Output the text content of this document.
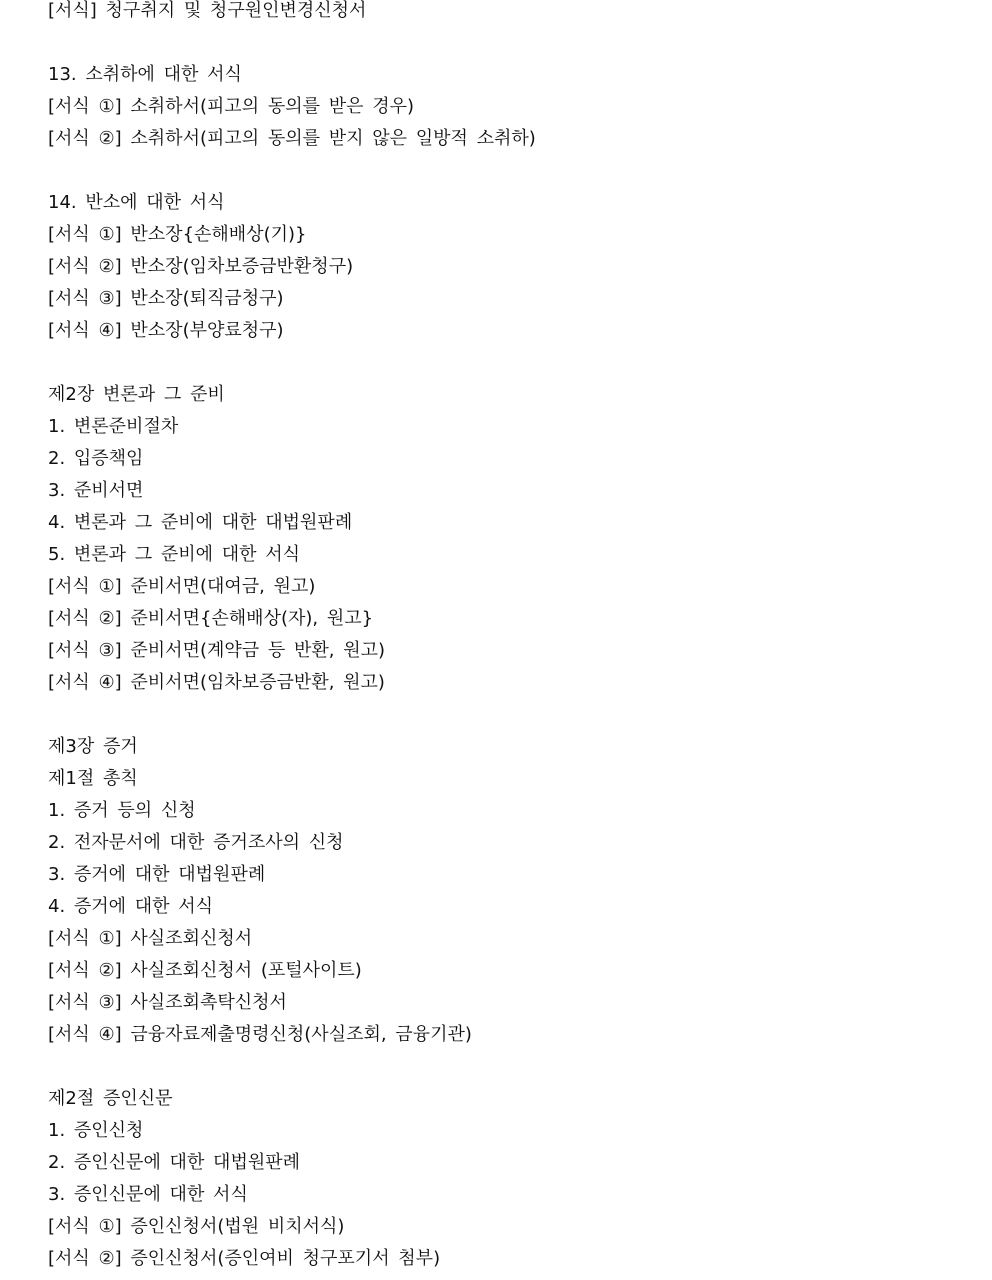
[서식] 청구취지 및 청구원인변경신청서
13. 소취하에 대한 서식
[서식 ①] 소취하서(피고의 동의를 받은 경우)
[서식 ②] 소취하서(피고의 동의를 받지 않은 일방적 소취하)
14. 반소에 대한 서식
[서식 ①] 반소장{손해배상(기)}
[서식 ②] 반소장(임차보증금반환청구)
[서식 ③] 반소장(퇴직금청구)
[서식 ④] 반소장(부양료청구)
제2장 변론과 그 준비
1. 변론준비절차
2. 입증책임
3. 준비서면
4. 변론과 그 준비에 대한 대법원판례
5. 변론과 그 준비에 대한 서식
[서식 ①] 준비서면(대여금, 원고)
[서식 ②] 준비서면{손해배상(자), 원고}
[서식 ③] 준비서면(계약금 등 반환, 원고)
[서식 ④] 준비서면(임차보증금반환, 원고)
제3장 증거
제1절 총칙
1. 증거 등의 신청
2. 전자문서에 대한 증거조사의 신청
3. 증거에 대한 대법원판례
4. 증거에 대한 서식
[서식 ①] 사실조회신청서
[서식 ②] 사실조회신청서 (포털사이트)
[서식 ③] 사실조회촉탁신청서
[서식 ④] 금융자료제출명령신청(사실조회, 금융기관)
제2절 증인신문
1. 증인신청
2. 증인신문에 대한 대법원판례
3. 증인신문에 대한 서식
[서식 ①] 증인신청서(법원 비치서식)
[서식 ②] 증인신청서(증인여비 청구포기서 첨부)
